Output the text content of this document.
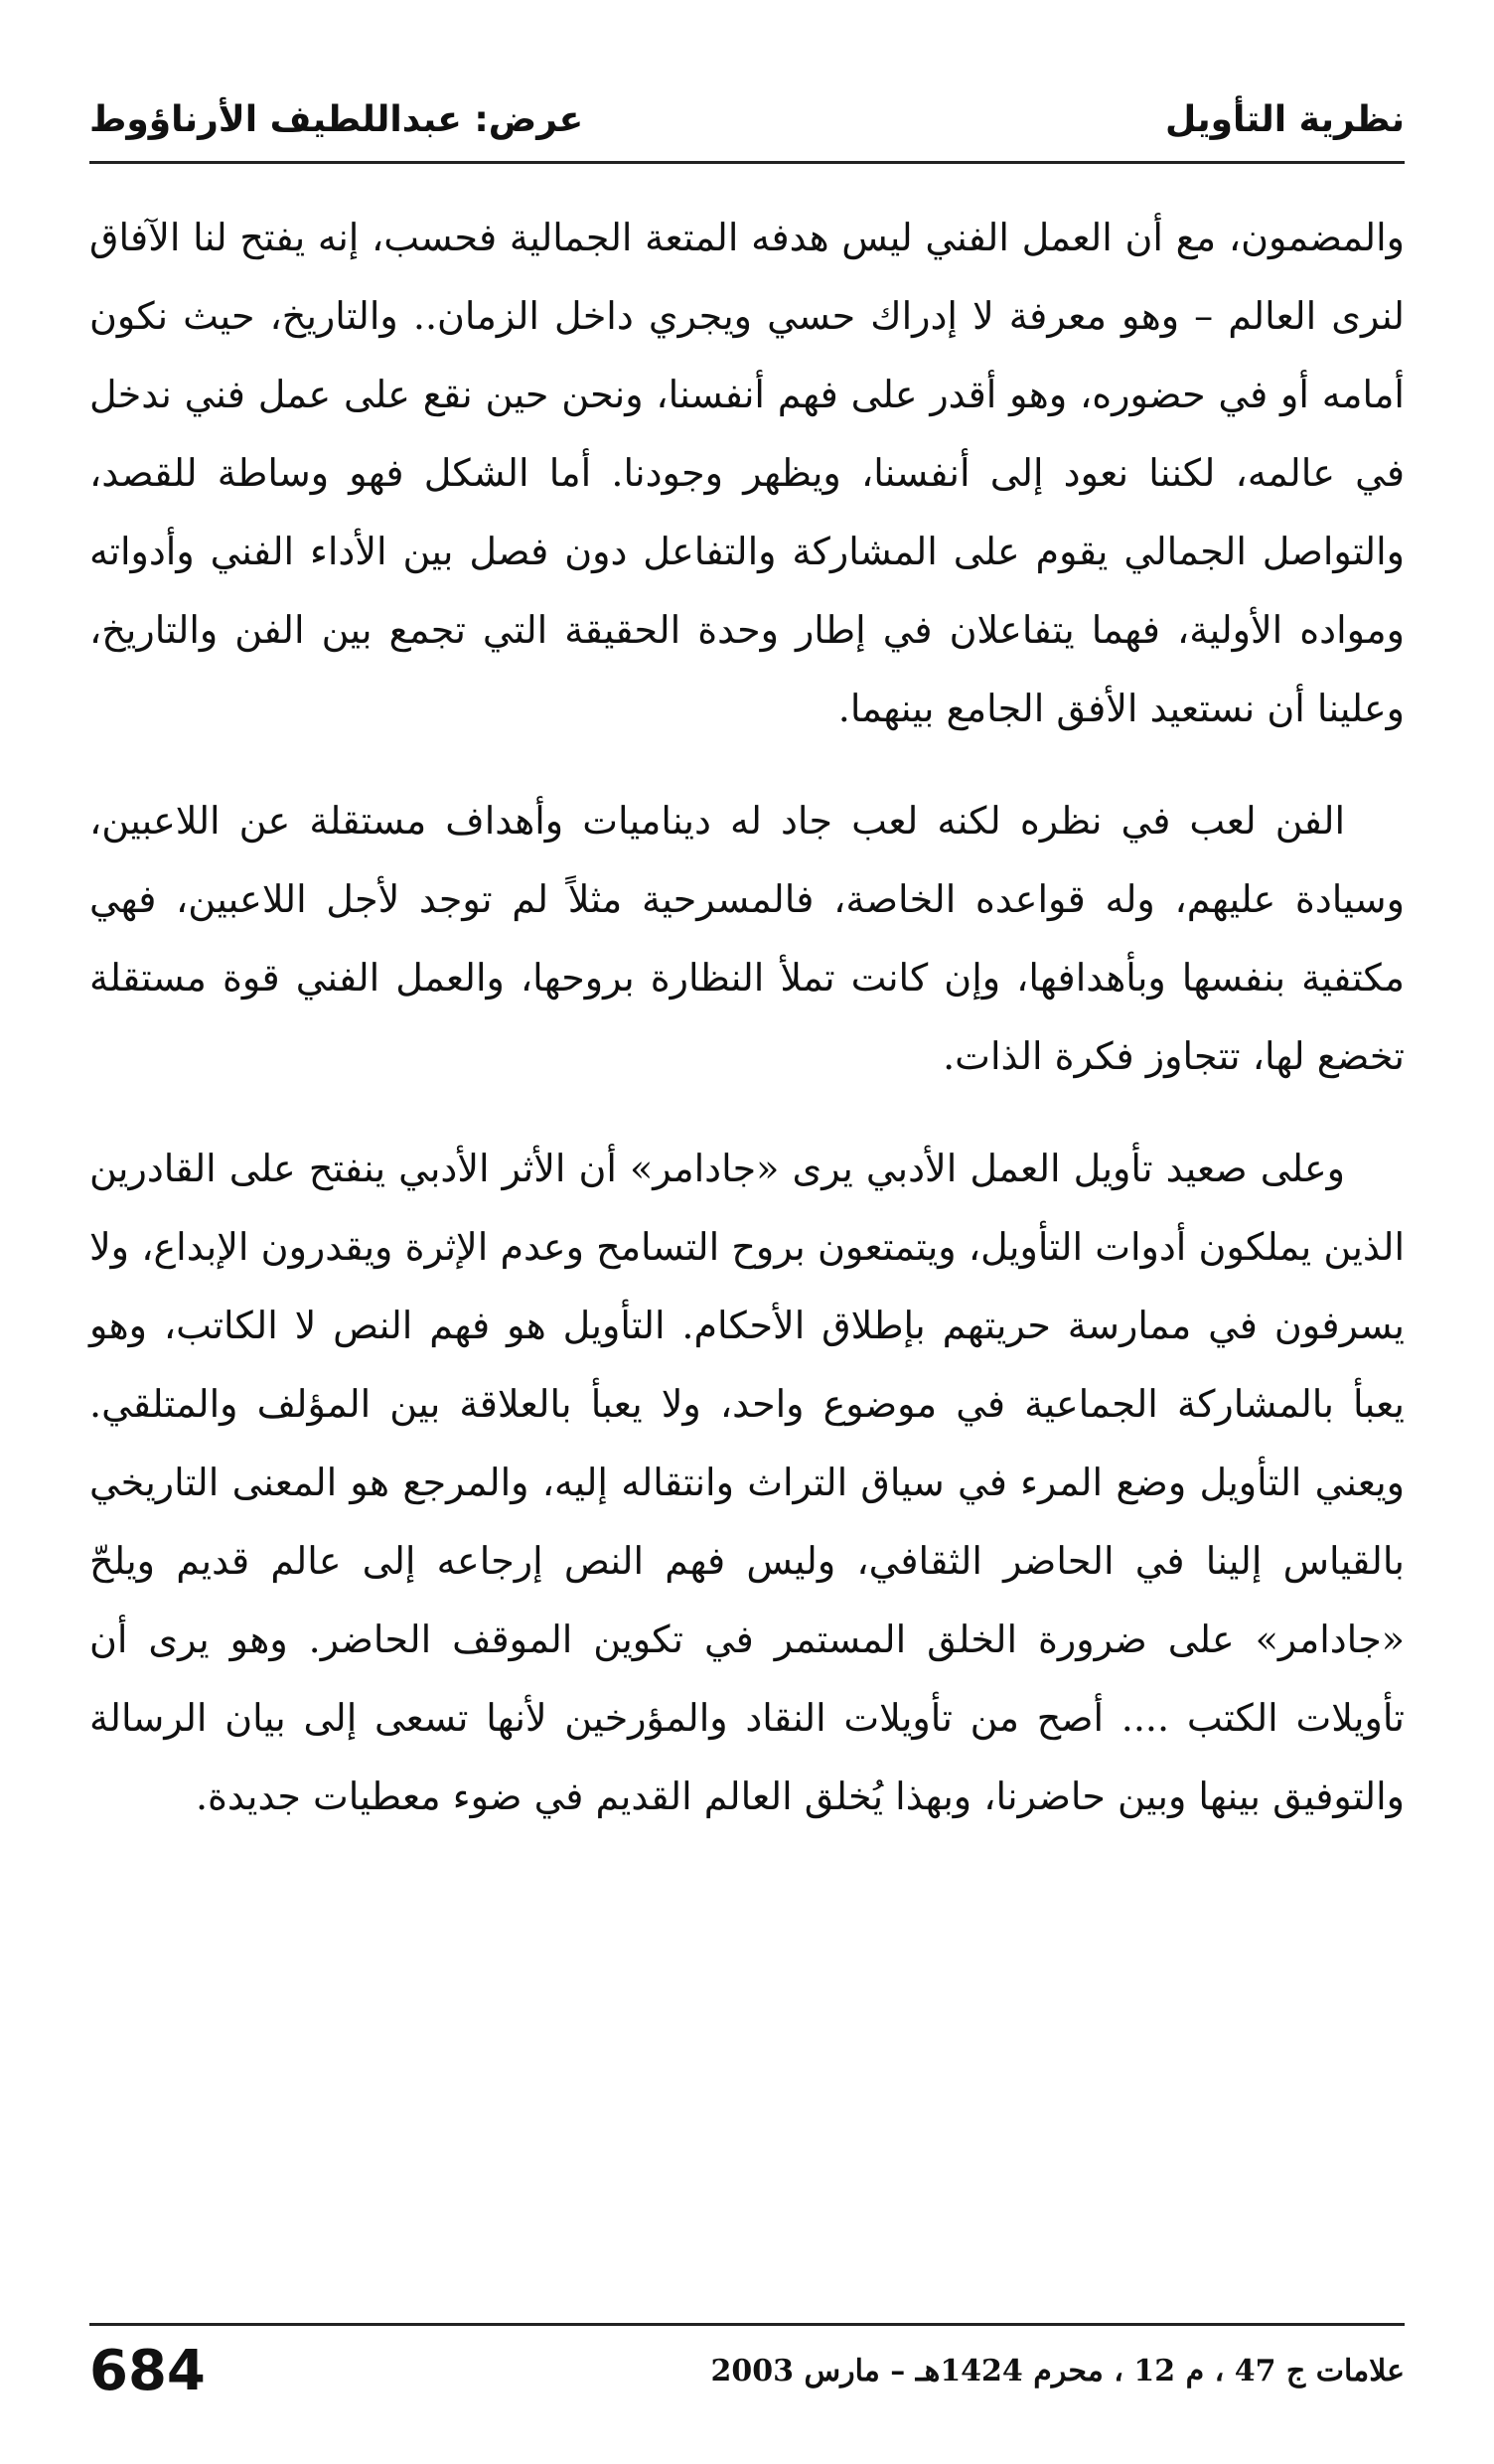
نظرية التأويل
عرض: عبداللطيف الأرناؤوط

والمضمون، مع أن العمل الفني ليس هدفه المتعة الجمالية فحسب، إنه يفتح لنا الآفاق لنرى العالم – وهو معرفة لا إدراك حسي ويجري داخل الزمان.. والتاريخ، حيث نكون أمامه أو في حضوره، وهو أقدر على فهم أنفسنا، ونحن حين نقع على عمل فني ندخل في عالمه، لكننا نعود إلى أنفسنا، ويظهر وجودنا. أما الشكل فهو وساطة للقصد، والتواصل الجمالي يقوم على المشاركة والتفاعل دون فصل بين الأداء الفني وأدواته ومواده الأولية، فهما يتفاعلان في إطار وحدة الحقيقة التي تجمع بين الفن والتاريخ، وعلينا أن نستعيد الأفق الجامع بينهما.

الفن لعب في نظره لكنه لعب جاد له ديناميات وأهداف مستقلة عن اللاعبين، وسيادة عليهم، وله قواعده الخاصة، فالمسرحية مثلاً لم توجد لأجل اللاعبين، فهي مكتفية بنفسها وبأهدافها، وإن كانت تملأ النظارة بروحها، والعمل الفني قوة مستقلة تخضع لها، تتجاوز فكرة الذات.

وعلى صعيد تأويل العمل الأدبي يرى «جادامر» أن الأثر الأدبي ينفتح على القادرين الذين يملكون أدوات التأويل، ويتمتعون بروح التسامح وعدم الإثرة ويقدرون الإبداع، ولا يسرفون في ممارسة حريتهم بإطلاق الأحكام. التأويل هو فهم النص لا الكاتب، وهو يعبأ بالمشاركة الجماعية في موضوع واحد، ولا يعبأ بالعلاقة بين المؤلف والمتلقي. ويعني التأويل وضع المرء في سياق التراث وانتقاله إليه، والمرجع هو المعنى التاريخي بالقياس إلينا في الحاضر الثقافي، وليس فهم النص إرجاعه إلى عالم قديم ويلحّ «جادامر» على ضرورة الخلق المستمر في تكوين الموقف الحاضر. وهو يرى أن تأويلات الكتب .... أصح من تأويلات النقاد والمؤرخين لأنها تسعى إلى بيان الرسالة والتوفيق بينها وبين حاضرنا، وبهذا يُخلق العالم القديم في ضوء معطيات جديدة.

684	علامات ج 47 ، م 12 ، محرم 1424هـ – مارس 2003
